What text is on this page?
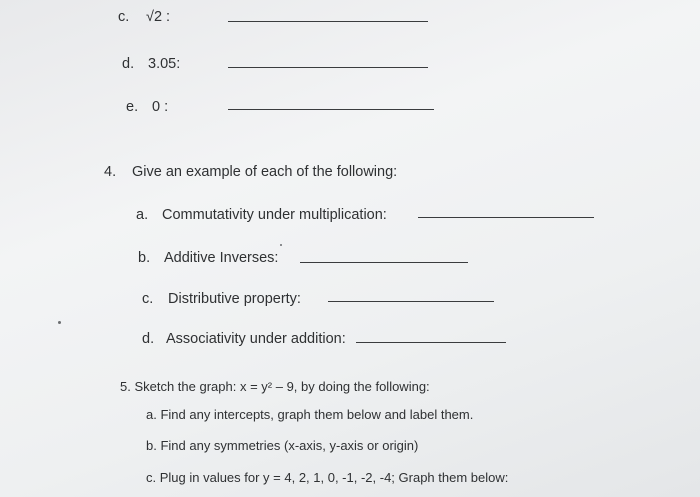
c. √2 :
d. 3.05:
e. 0 :
4. Give an example of each of the following:
a. Commutativity under multiplication:
b. Additive Inverses:
c. Distributive property:
d. Associativity under addition:
5. Sketch the graph: x = y² – 9, by doing the following:
a. Find any intercepts, graph them below and label them.
b. Find any symmetries (x-axis, y-axis or origin)
c. Plug in values for y = 4, 2, 1, 0, -1, -2, -4; Graph them below:
